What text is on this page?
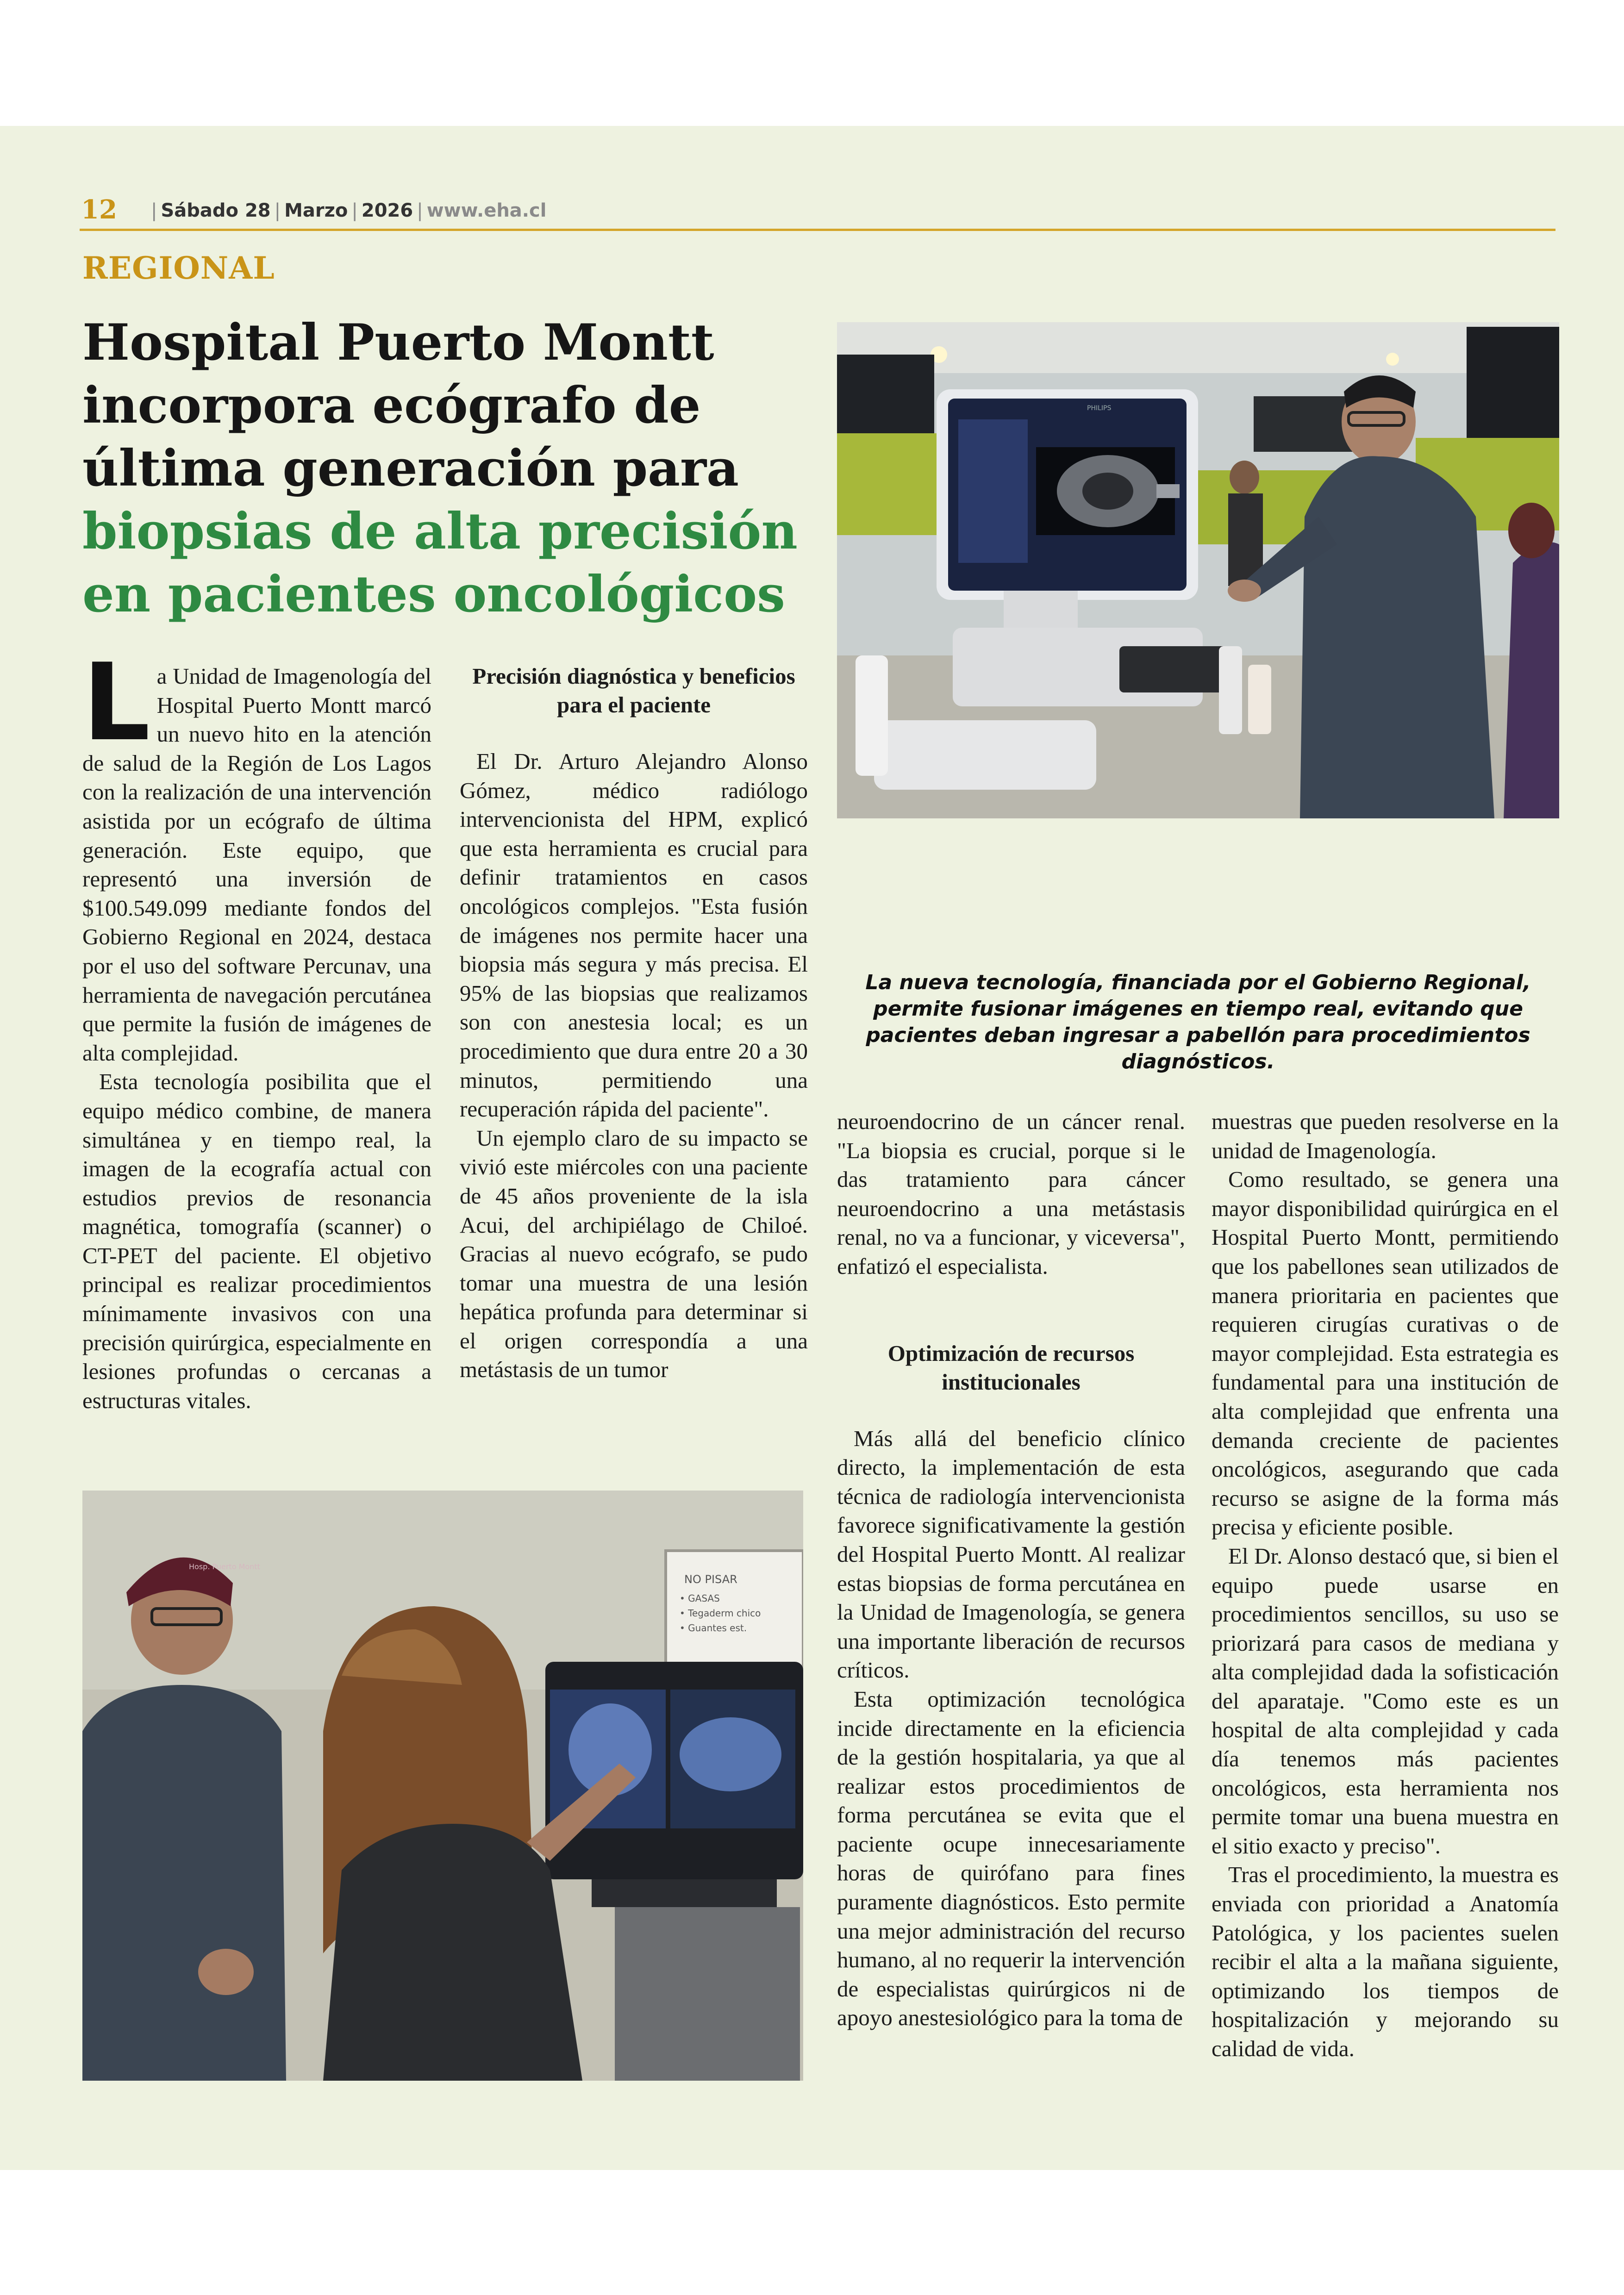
12 | Sábado 28 | Marzo | 2026 | www.eha.cl
REGIONAL
Hospital Puerto Montt incorpora ecógrafo de última generación para biopsias de alta precisión en pacientes oncológicos
PHILIPS
La nueva tecnología, financiada por el Gobierno Regional, permite fusionar imágenes en tiempo real, evitando que pacientes deban ingresar a pabellón para procedimientos diagnósticos.

La Unidad de Imagenología del Hospital Puerto Montt marcó un nuevo hito en la atención de salud de la Región de Los Lagos con la realización de una intervención asistida por un ecógrafo de última generación. Este equipo, que representó una inversión de $100.549.099 mediante fondos del Gobierno Regional en 2024, destaca por el uso del software Percunav, una herramienta de navegación percutánea que permite la fusión de imágenes de alta complejidad.

Esta tecnología posibilita que el equipo médico combine, de manera simultánea y en tiempo real, la imagen de la ecografía actual con estudios previos de resonancia magnética, tomografía (scanner) o CT-PET del paciente. El objetivo principal es realizar procedimientos mínimamente invasivos con una precisión quirúrgica, especialmente en lesiones profundas o cercanas a estructuras vitales.

Precisión diagnóstica y beneficios para el paciente

El Dr. Arturo Alejandro Alonso Gómez, médico radiólogo intervencionista del HPM, explicó que esta herramienta es crucial para definir tratamientos en casos oncológicos complejos. "Esta fusión de imágenes nos permite hacer una biopsia más segura y más precisa. El 95% de las biopsias que realizamos son con anestesia local; es un procedimiento que dura entre 20 a 30 minutos, permitiendo una recuperación rápida del paciente".

Un ejemplo claro de su impacto se vivió este miércoles con una paciente de 45 años proveniente de la isla Acui, del archipiélago de Chiloé. Gracias al nuevo ecógrafo, se pudo tomar una muestra de una lesión hepática profunda para determinar si el origen correspondía a una metástasis de un tumor

NO PISAR
• GASAS
• Tegaderm chico
• Guantes est.
Hosp. Puerto Montt

neuroendocrino de un cáncer renal. "La biopsia es crucial, porque si le das tratamiento para cáncer neuroendocrino a una metástasis renal, no va a funcionar, y viceversa", enfatizó el especialista.

Optimización de recursos institucionales

Más allá del beneficio clínico directo, la implementación de esta técnica de radiología intervencionista favorece significativamente la gestión del Hospital Puerto Montt. Al realizar estas biopsias de forma percutánea en la Unidad de Imagenología, se genera una importante liberación de recursos críticos.

Esta optimización tecnológica incide directamente en la eficiencia de la gestión hospitalaria, ya que al realizar estos procedimientos de forma percutánea se evita que el paciente ocupe innecesariamente horas de quirófano para fines puramente diagnósticos. Esto permite una mejor administración del recurso humano, al no requerir la intervención de especialistas quirúrgicos ni de apoyo anestesiológico para la toma de

muestras que pueden resolverse en la unidad de Imagenología.

Como resultado, se genera una mayor disponibilidad quirúrgica en el Hospital Puerto Montt, permitiendo que los pabellones sean utilizados de manera prioritaria en pacientes que requieren cirugías curativas o de mayor complejidad. Esta estrategia es fundamental para una institución de alta complejidad que enfrenta una demanda creciente de pacientes oncológicos, asegurando que cada recurso se asigne de la forma más precisa y eficiente posible.

El Dr. Alonso destacó que, si bien el equipo puede usarse en procedimientos sencillos, su uso se priorizará para casos de mediana y alta complejidad dada la sofisticación del aparataje. "Como este es un hospital de alta complejidad y cada día tenemos más pacientes oncológicos, esta herramienta nos permite tomar una buena muestra en el sitio exacto y preciso".

Tras el procedimiento, la muestra es enviada con prioridad a Anatomía Patológica, y los pacientes suelen recibir el alta a la mañana siguiente, optimizando los tiempos de hospitalización y mejorando su calidad de vida.
